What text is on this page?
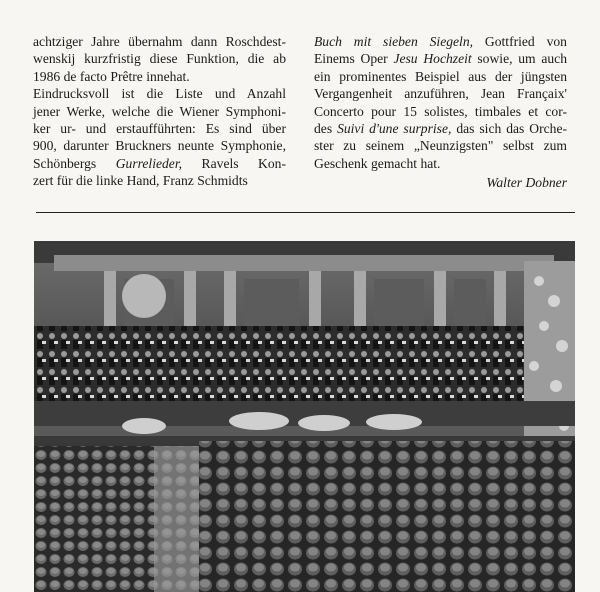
achtziger Jahre übernahm dann Roschdest-
wenskij kurzfristig diese Funktion, die ab
1986 de facto Prêtre innehat.
Eindrucksvoll ist die Liste und Anzahl
jener Werke, welche die Wiener Symphoni-
ker ur- und erstaufführten: Es sind über
900, darunter Bruckners neunte Symphonie,
Schönbergs Gurrelieder, Ravels Kon-
zert für die linke Hand, Franz Schmidts
Buch mit sieben Siegeln, Gottfried von
Einems Oper Jesu Hochzeit sowie, um auch
ein prominentes Beispiel aus der jüngsten
Vergangenheit anzuführen, Jean Françaix'
Concerto pour 15 solistes, timbales et cor-
des Suivi d'une surprise, das sich das Orche-
ster zu seinem „Neunzigsten" selbst zum
Geschenk gemacht hat.
Walter Dobner
